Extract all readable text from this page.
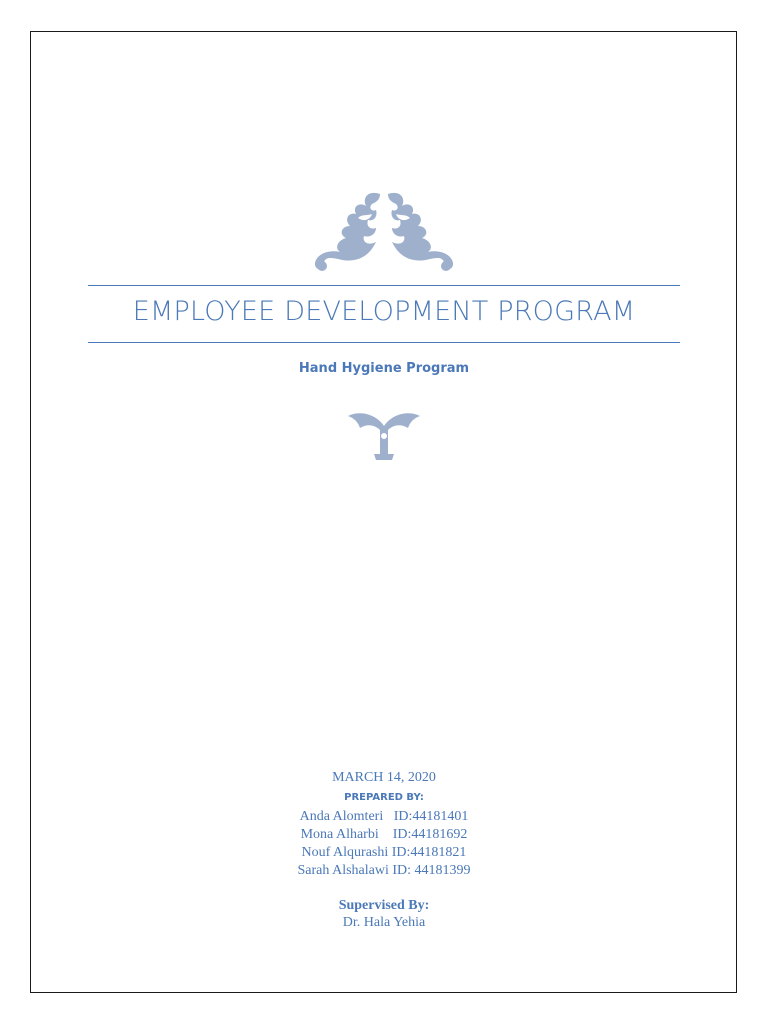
EMPLOYEE DEVELOPMENT PROGRAM
Hand Hygiene Program
MARCH 14, 2020
PREPARED BY:
Anda Alomteri   ID:44181401
Mona Alharbi    ID:44181692
Nouf Alqurashi ID:44181821
Sarah Alshalawi ID: 44181399
Supervised By:
Dr. Hala Yehia
